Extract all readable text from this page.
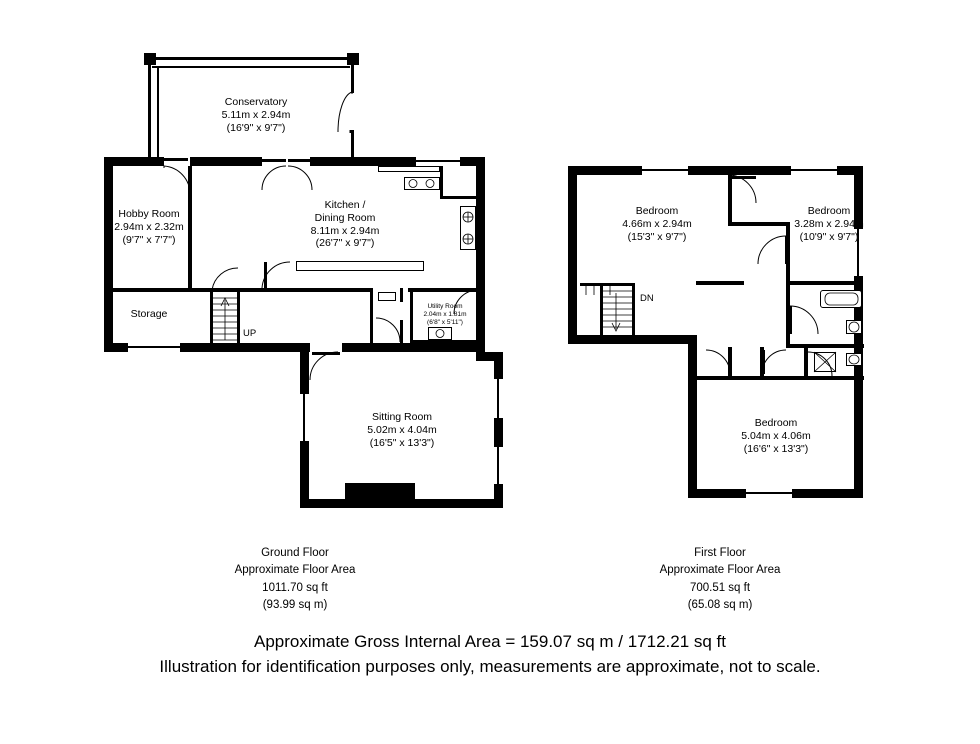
UP
Conservatory
5.11m x 2.94m
(16'9" x 9'7")
Hobby Room
2.94m x 2.32m
(9'7" x 7'7")
Kitchen /
Dining Room
8.11m x 2.94m
(26'7" x 9'7")
Storage
Utility Room
2.04m x 1.81m
(6'8" x 5'11")
Sitting Room
5.02m x 4.04m
(16'5" x 13'3")
Ground Floor
Approximate Floor Area
1011.70 sq ft
(93.99 sq m)
DN
Bedroom
4.66m x 2.94m
(15'3" x 9'7")
Bedroom
3.28m x 2.94m
(10'9" x 9'7")
Bedroom
5.04m x 4.06m
(16'6" x 13'3")
First Floor
Approximate Floor Area
700.51 sq ft
(65.08 sq m)
Approximate Gross Internal Area = 159.07 sq m / 1712.21 sq ft
Illustration for identification purposes only, measurements are approximate, not to scale.
